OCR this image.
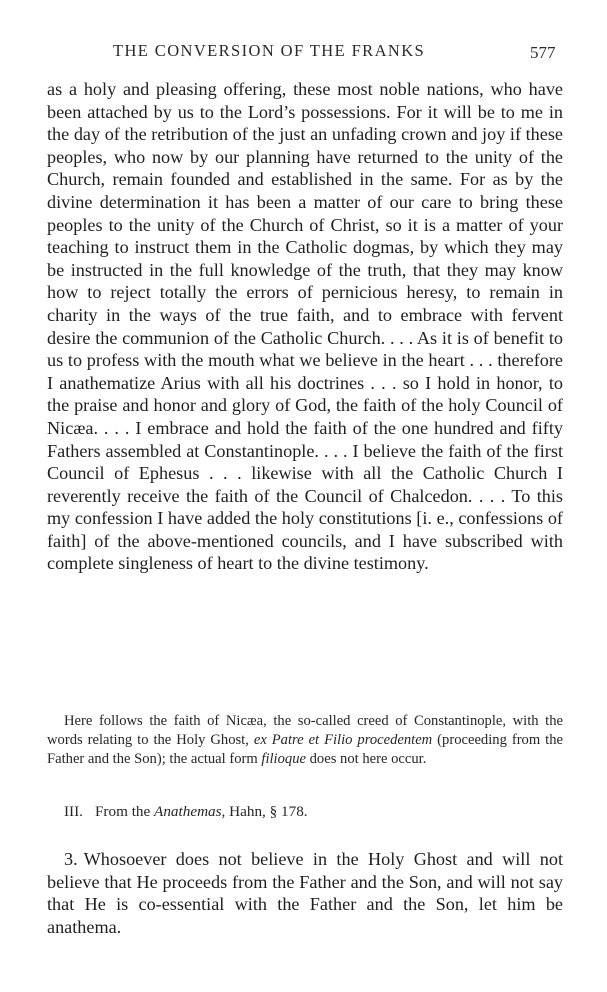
THE CONVERSION OF THE FRANKS	577

as a holy and pleasing offering, these most noble nations, who have been attached by us to the Lord’s possessions. For it will be to me in the day of the retribution of the just an unfading crown and joy if these peoples, who now by our planning have returned to the unity of the Church, remain founded and established in the same. For as by the divine determination it has been a matter of our care to bring these peoples to the unity of the Church of Christ, so it is a matter of your teaching to instruct them in the Catholic dogmas, by which they may be instructed in the full knowledge of the truth, that they may know how to reject totally the errors of pernicious heresy, to remain in charity in the ways of the true faith, and to embrace with fervent desire the communion of the Catholic Church. . . . As it is of benefit to us to profess with the mouth what we believe in the heart . . . therefore I anathematize Arius with all his doctrines . . . so I hold in honor, to the praise and honor and glory of God, the faith of the holy Council of Nicæa. . . . I embrace and hold the faith of the one hundred and fifty Fathers assembled at Constantinople. . . . I believe the faith of the first Council of Ephesus . . . likewise with all the Catholic Church I reverently receive the faith of the Council of Chalcedon. . . . To this my confession I have added the holy constitutions [i. e., confessions of faith] of the above-mentioned councils, and I have subscribed with complete singleness of heart to the divine testimony.

Here follows the faith of Nicæa, the so-called creed of Constantinople, with the words relating to the Holy Ghost, ex Patre et Filio procedentem (proceeding from the Father and the Son); the actual form filioque does not here occur.
III. From the Anathemas, Hahn, § 178.
3. Whosoever does not believe in the Holy Ghost and will not believe that He proceeds from the Father and the Son, and will not say that He is co-essential with the Father and the Son, let him be anathema.
